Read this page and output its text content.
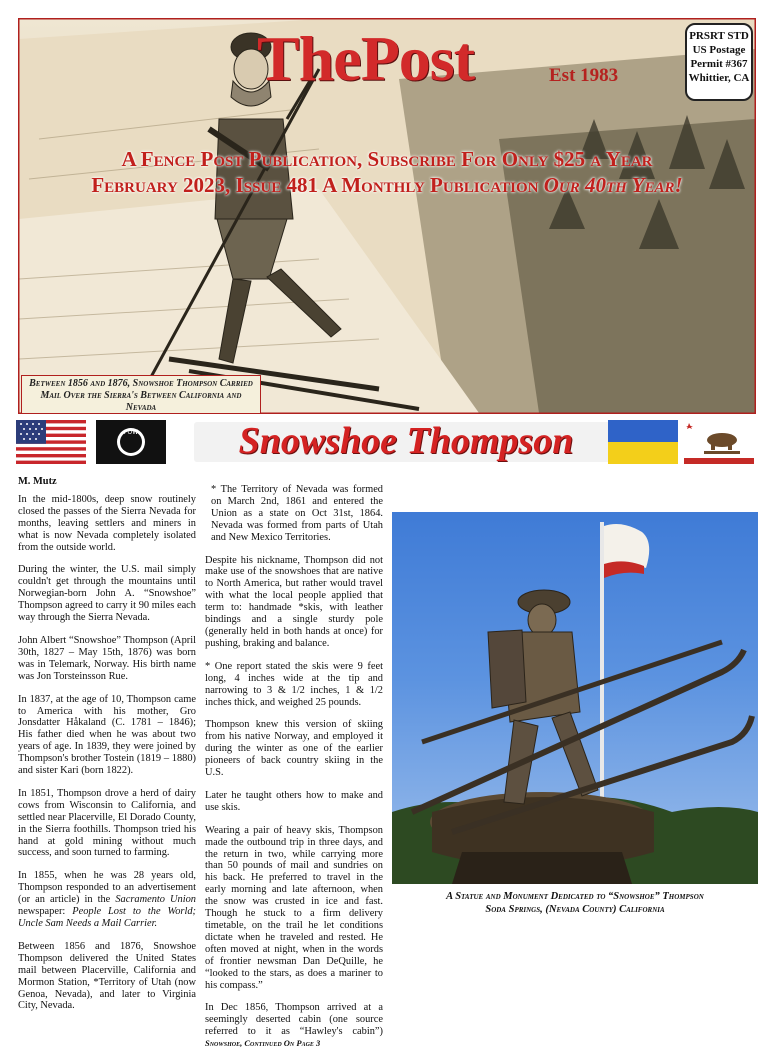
ThePost	Est 1983
PRSRT STD
US Postage
Permit #367
Whittier, CA
A Fence Post Publication, Subscribe For Only $25 a Year
February 2023, Issue 481 A Monthly Publication Our 40th Year!
Between 1856 and 1876, Snowshoe Thompson Carried Mail Over the Sierra's Between California and Nevada
POW	Snowshoe Thompson

M. Mutz

In the mid-1800s, deep snow routinely closed the passes of the Sierra Nevada for months, leaving settlers and miners in what is now Nevada completely isolated from the outside world.

During the winter, the U.S. mail simply couldn't get through the mountains until Norwegian-born John A. “Snowshoe” Thompson agreed to carry it 90 miles each way through the Sierra Nevada.

John Albert “Snowshoe” Thompson (April 30th, 1827 – May 15th, 1876) was born was in Telemark, Norway. His birth name was Jon Torsteinsson Rue.

In 1837, at the age of 10, Thompson came to America with his mother, Gro Jonsdatter Håkaland (C. 1781 – 1846); His father died when he was about two years of age. In 1839, they were joined by Thompson's brother Tostein (1819 – 1880) and sister Kari (born 1822).

In 1851, Thompson drove a herd of dairy cows from Wisconsin to California, and settled near Placerville, El Dorado County, in the Sierra foothills. Thompson tried his hand at gold mining without much success, and soon turned to farming.

In 1855, when he was 28 years old, Thompson responded to an advertisement (or an article) in the Sacramento Union newspaper: People Lost to the World; Uncle Sam Needs a Mail Carrier.

Between 1856 and 1876, Snowshoe Thompson delivered the United States mail between Placerville, California and Mormon Station, *Territory of Utah (now Genoa, Nevada), and later to Virginia City, Nevada.

* The Territory of Nevada was formed on March 2nd, 1861 and entered the Union as a state on Oct 31st, 1864. Nevada was formed from parts of Utah and New Mexico Territories.

Despite his nickname, Thompson did not make use of the snowshoes that are native to North America, but rather would travel with what the local people applied that term to: handmade *skis, with leather bindings and a single sturdy pole (generally held in both hands at once) for pushing, braking and balance.

* One report stated the skis were 9 feet long, 4 inches wide at the tip and narrowing to 3 & 1/2 inches, 1 & 1/2 inches thick, and weighed 25 pounds.

Thompson knew this version of skiing from his native Norway, and employed it during the winter as one of the earlier pioneers of back country skiing in the U.S.

Later he taught others how to make and use skis.

Wearing a pair of heavy skis, Thompson made the outbound trip in three days, and the return in two, while carrying more than 50 pounds of mail and sundries on his back. He preferred to travel in the early morning and late afternoon, when the snow was crusted in ice and fast. Though he stuck to a firm delivery timetable, on the trail he let conditions dictate when he traveled and rested. He often moved at night, when in the words of frontier newsman Dan DeQuille, he “looked to the stars, as does a mariner to his compass.”

In Dec 1856, Thompson arrived at a seemingly deserted cabin (one source referred to it as “Hawley's cabin”) Snowshoe, Continued On Page 3

A Statue and Monument Dedicated to “Snowshoe” Thompson
Soda Springs, (Nevada County) California
